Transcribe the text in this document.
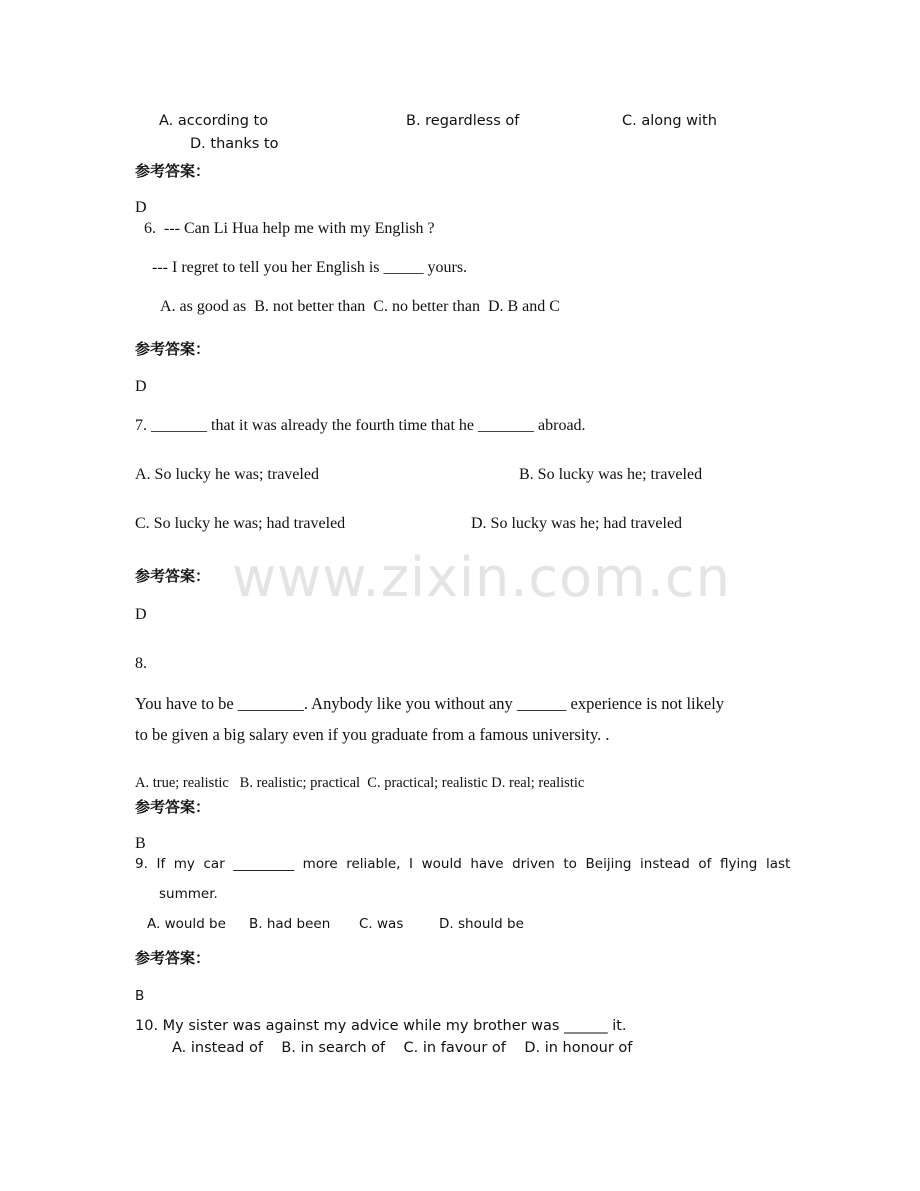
www.zixin.com.cn
A. according to	B. regardless of	C. along with
D. thanks to
参考答案：
D
6.  --- Can Li Hua help me with my English ?
--- I regret to tell you her English is _____ yours.
A. as good as  B. not better than  C. no better than  D. B and C
参考答案：
D
7. _______ that it was already the fourth time that he _______ abroad.
A. So lucky he was; traveled	B. So lucky was he; traveled
C. So lucky he was; had traveled	D. So lucky was he; had traveled
参考答案：
D
8.
You have to be ________. Anybody like you without any ______ experience is not likely
to be given a big salary even if you graduate from a famous university. .
A. true; realistic   B. realistic; practical  C. practical; realistic D. real; realistic
参考答案：
B
9.  If  my  car  _________  more  reliable,  I  would  have  driven  to  Beijing  instead  of  flying  last
summer.
A. would be B. had been C. was	D. should be
参考答案：
B
10. My sister was against my advice while my brother was ______ it.
A. instead of    B. in search of    C. in favour of    D. in honour of
